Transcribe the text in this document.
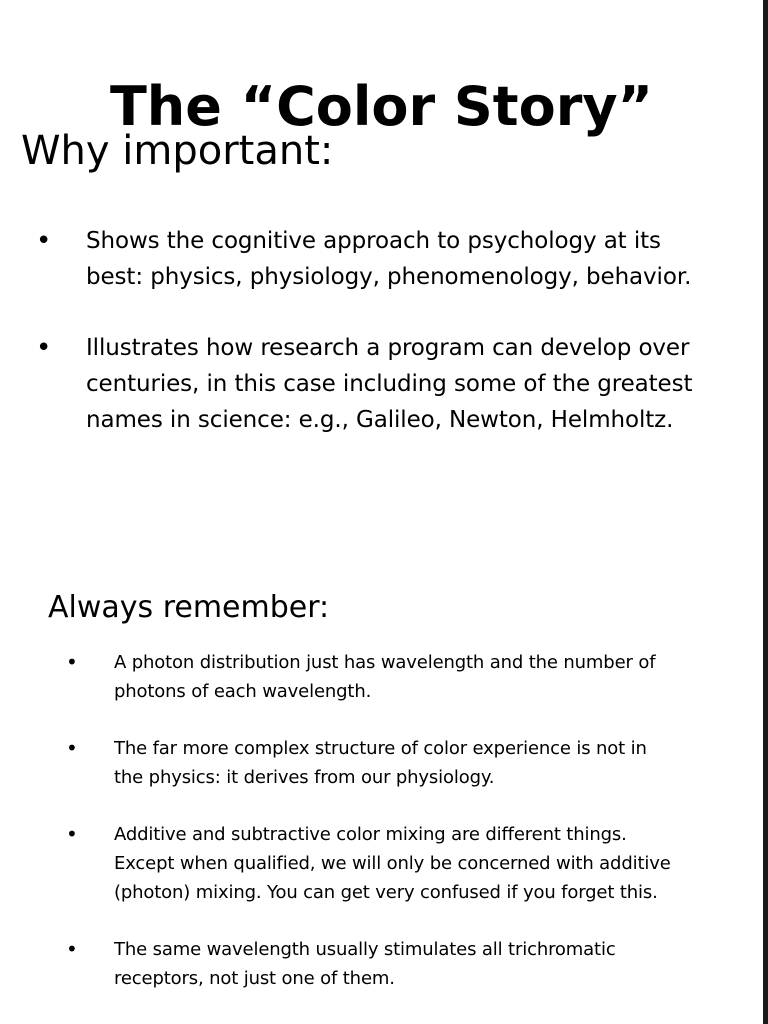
The “Color Story”
Why important:
•	Shows the cognitive approach to psychology at its
best: physics, physiology, phenomenology, behavior.
•	Illustrates how research a program can develop over
centuries, in this case including some of the greatest
names in science: e.g., Galileo, Newton, Helmholtz.
Always remember:
•	A photon distribution just has wavelength and the number of
photons of each wavelength.
•	The far more complex structure of color experience is not in
the physics: it derives from our physiology.
•	Additive and subtractive color mixing are different things.
Except when qualified, we will only be concerned with additive
(photon) mixing. You can get very confused if you forget this.
•	The same wavelength usually stimulates all trichromatic
receptors, not just one of them.
